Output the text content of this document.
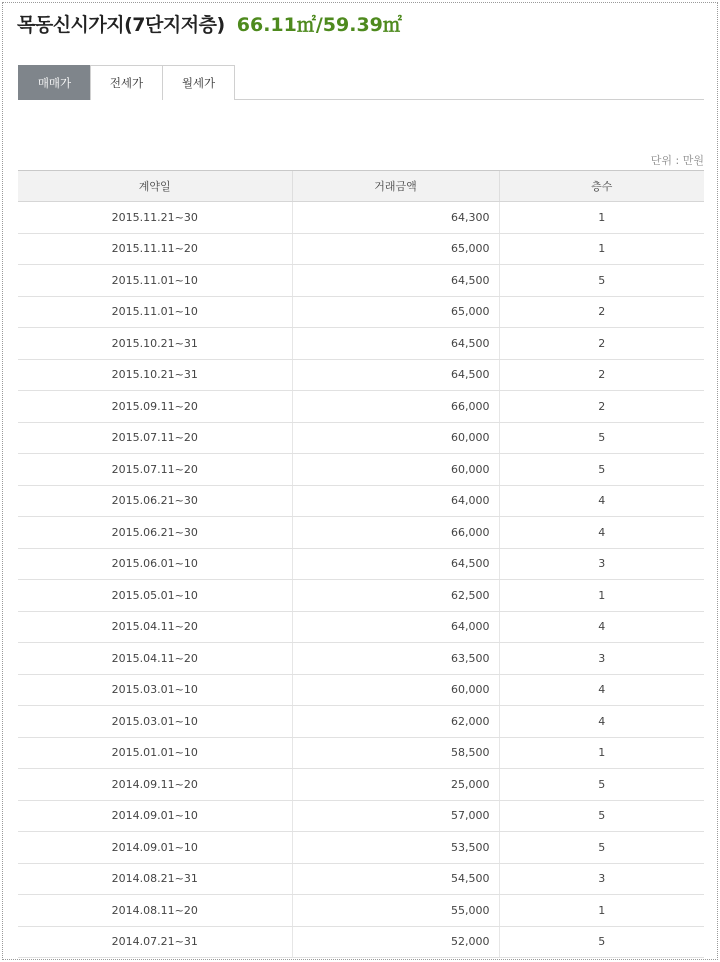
목동신시가지(7단지저층) 66.11㎡/59.39㎡
매매가	전세가	월세가
단위 : 만원
계약일	거래금액	층수
2015.11.21~30	64,300	1
2015.11.11~20	65,000	1
2015.11.01~10	64,500	5
2015.11.01~10	65,000	2
2015.10.21~31	64,500	2
2015.10.21~31	64,500	2
2015.09.11~20	66,000	2
2015.07.11~20	60,000	5
2015.07.11~20	60,000	5
2015.06.21~30	64,000	4
2015.06.21~30	66,000	4
2015.06.01~10	64,500	3
2015.05.01~10	62,500	1
2015.04.11~20	64,000	4
2015.04.11~20	63,500	3
2015.03.01~10	60,000	4
2015.03.01~10	62,000	4
2015.01.01~10	58,500	1
2014.09.11~20	25,000	5
2014.09.01~10	57,000	5
2014.09.01~10	53,500	5
2014.08.21~31	54,500	3
2014.08.11~20	55,000	1
2014.07.21~31	52,000	5
